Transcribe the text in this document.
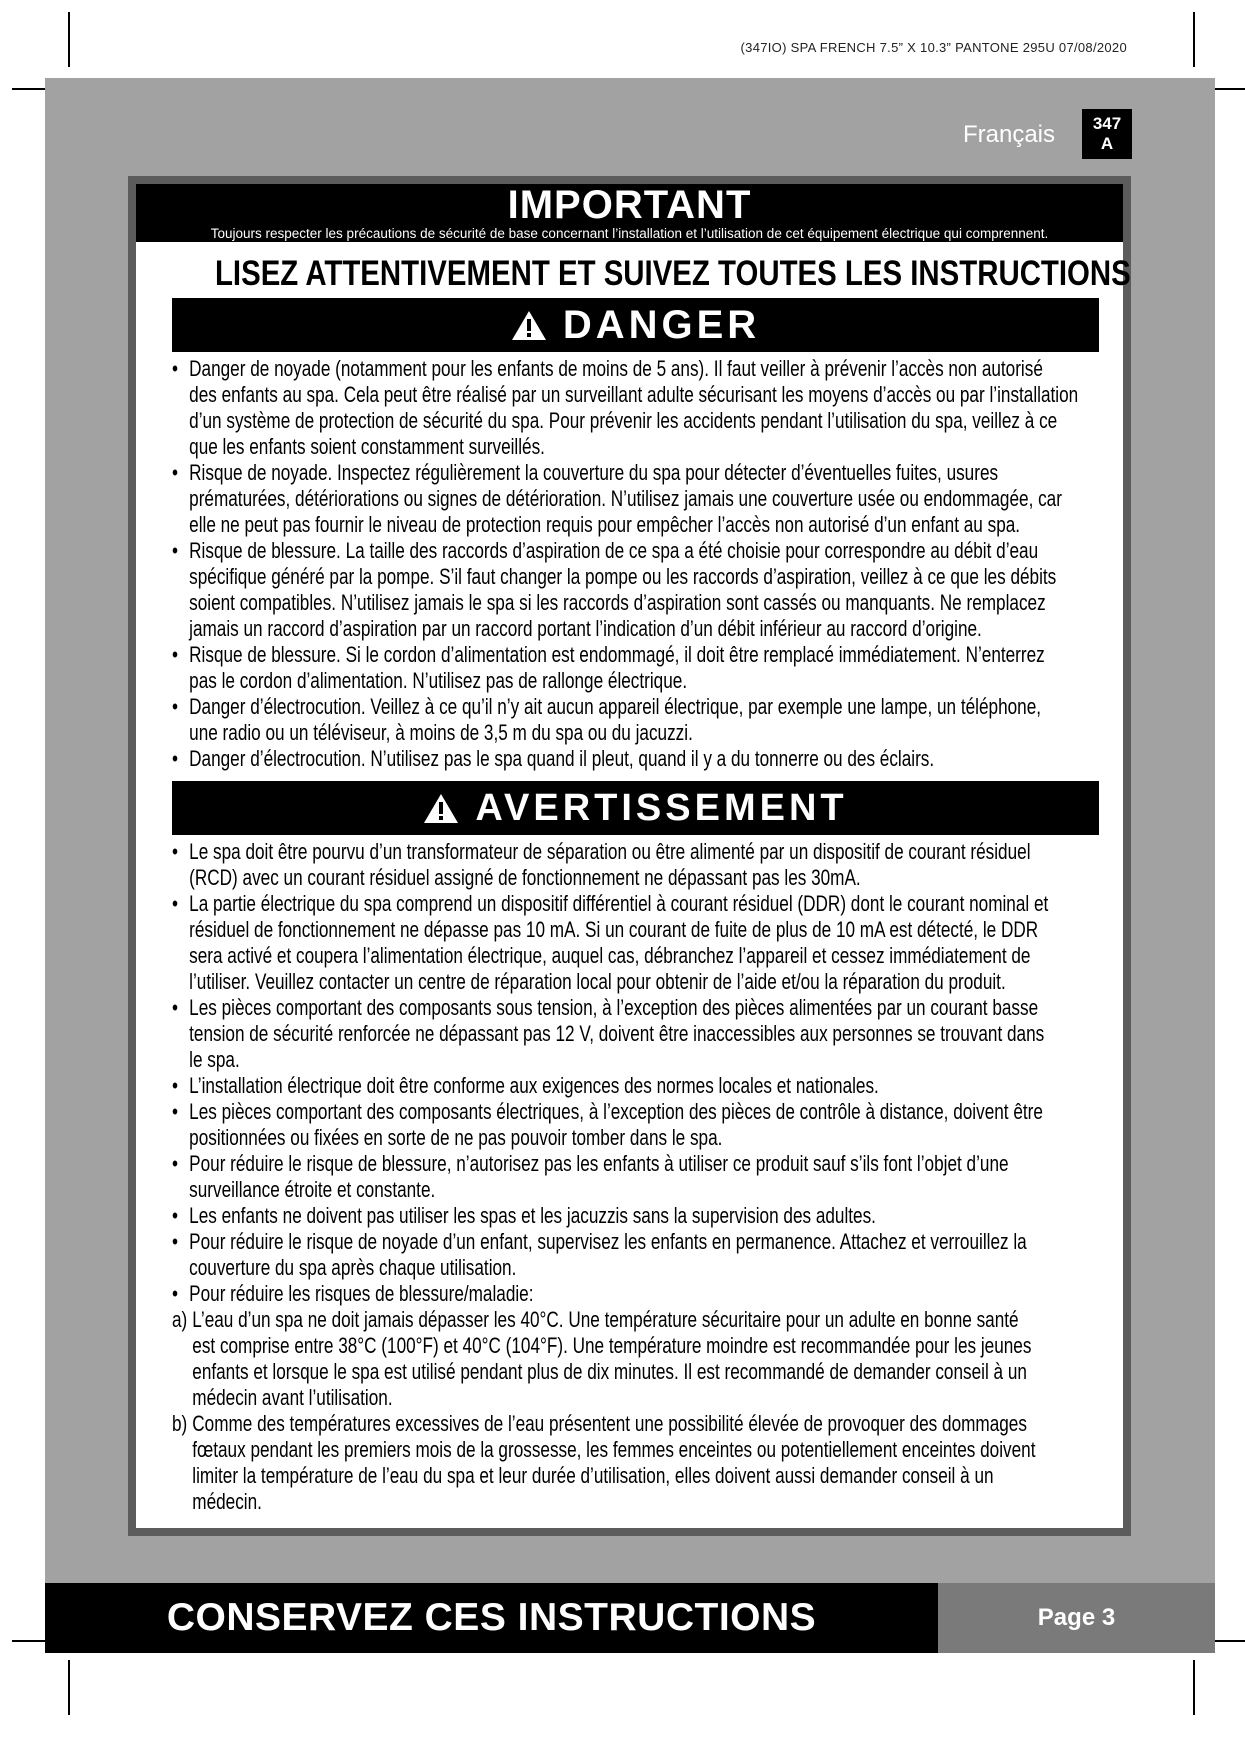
(347IO) SPA FRENCH 7.5” X 10.3” PANTONE 295U 07/08/2020
Français 347
A
IMPORTANT
Toujours respecter les précautions de sécurité de base concernant l’installation et l’utilisation de cet équipement électrique qui comprennent.
LISEZ ATTENTIVEMENT ET SUIVEZ TOUTES LES INSTRUCTIONS
DANGER
• Danger de noyade (notamment pour les enfants de moins de 5 ans). Il faut veiller à prévenir l’accès non autorisé
des enfants au spa. Cela peut être réalisé par un surveillant adulte sécurisant les moyens d’accès ou par l’installation
d’un système de protection de sécurité du spa. Pour prévenir les accidents pendant l’utilisation du spa, veillez à ce
que les enfants soient constamment surveillés.
• Risque de noyade. Inspectez régulièrement la couverture du spa pour détecter d’éventuelles fuites, usures
prématurées, détériorations ou signes de détérioration. N’utilisez jamais une couverture usée ou endommagée, car
elle ne peut pas fournir le niveau de protection requis pour empêcher l’accès non autorisé d’un enfant au spa.
• Risque de blessure. La taille des raccords d’aspiration de ce spa a été choisie pour correspondre au débit d’eau
spécifique généré par la pompe. S’il faut changer la pompe ou les raccords d’aspiration, veillez à ce que les débits
soient compatibles. N’utilisez jamais le spa si les raccords d’aspiration sont cassés ou manquants. Ne remplacez
jamais un raccord d’aspiration par un raccord portant l’indication d’un débit inférieur au raccord d’origine.
• Risque de blessure. Si le cordon d’alimentation est endommagé, il doit être remplacé immédiatement. N’enterrez
pas le cordon d’alimentation. N’utilisez pas de rallonge électrique.
• Danger d’électrocution. Veillez à ce qu’il n’y ait aucun appareil électrique, par exemple une lampe, un téléphone,
une radio ou un téléviseur, à moins de 3,5 m du spa ou du jacuzzi.
• Danger d’électrocution. N’utilisez pas le spa quand il pleut, quand il y a du tonnerre ou des éclairs.
AVERTISSEMENT
• Le spa doit être pourvu d’un transformateur de séparation ou être alimenté par un dispositif de courant résiduel
(RCD) avec un courant résiduel assigné de fonctionnement ne dépassant pas les 30mA.
• La partie électrique du spa comprend un dispositif différentiel à courant résiduel (DDR) dont le courant nominal et
résiduel de fonctionnement ne dépasse pas 10 mA. Si un courant de fuite de plus de 10 mA est détecté, le DDR
sera activé et coupera l’alimentation électrique, auquel cas, débranchez l’appareil et cessez immédiatement de
l’utiliser. Veuillez contacter un centre de réparation local pour obtenir de l’aide et/ou la réparation du produit.
• Les pièces comportant des composants sous tension, à l’exception des pièces alimentées par un courant basse
tension de sécurité renforcée ne dépassant pas 12 V, doivent être inaccessibles aux personnes se trouvant dans
le spa.
• L’installation électrique doit être conforme aux exigences des normes locales et nationales.
• Les pièces comportant des composants électriques, à l’exception des pièces de contrôle à distance, doivent être
positionnées ou fixées en sorte de ne pas pouvoir tomber dans le spa.
• Pour réduire le risque de blessure, n’autorisez pas les enfants à utiliser ce produit sauf s’ils font l’objet d’une
surveillance étroite et constante.
• Les enfants ne doivent pas utiliser les spas et les jacuzzis sans la supervision des adultes.
• Pour réduire le risque de noyade d’un enfant, supervisez les enfants en permanence. Attachez et verrouillez la
couverture du spa après chaque utilisation.
• Pour réduire les risques de blessure/maladie:
a) L’eau d’un spa ne doit jamais dépasser les 40°C. Une température sécuritaire pour un adulte en bonne santé
est comprise entre 38°C (100°F) et 40°C (104°F). Une température moindre est recommandée pour les jeunes
enfants et lorsque le spa est utilisé pendant plus de dix minutes. Il est recommandé de demander conseil à un
médecin avant l’utilisation.
b) Comme des températures excessives de l’eau présentent une possibilité élevée de provoquer des dommages
fœtaux pendant les premiers mois de la grossesse, les femmes enceintes ou potentiellement enceintes doivent
limiter la température de l’eau du spa et leur durée d’utilisation, elles doivent aussi demander conseil à un
médecin.
CONSERVEZ CES INSTRUCTIONS	Page 3
